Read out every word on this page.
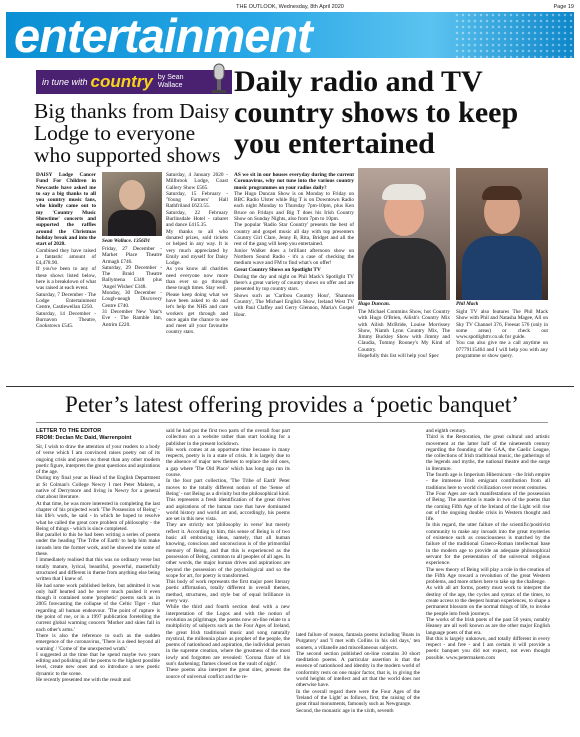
THE OUTLOOK, Wednesday, 8th April 2020	Page 19
entertainment
in tune with country by Sean
Wallace
Big thanks from Daisy Lodge to everyone who supported shows
Daily radio and TV country shows to keep you entertained

DAISY Lodge Cancer Fund For Children in Newcastle have asked me to say a big thanks to all you country music fans, who kindly came out to my 'Country Music Showtime' concerts and supported the raffles around the Christmas holiday break and into the start of 2020.

Combined they have raised a fantastic amount of £4,478.90.

If you've been to any of these shows listed below, here is a breakdown of what was raised at each event.

Saturday, 7 December - The Lodge Entertainment Centre, Castlewellan £250.

Saturday, 14 December - Burnavon Theatre, Cookstown £545.

Sean Wallace. 1356D1

Friday, 27 December - Market Place Theatre Armagh £746.

Saturday, 29 December - The Braid Theatre Ballymena £348 plus 'Angel Wishes' £348.

Monday, 30 December - Lough-neagh Discovery Centre £740.

31 December New Year's Eve - The Ramble Inn, Antrim £220.

Saturday, 4 January 2020 - Millbrook Lodge, Coast Gallery Show £565.

Saturday, 15 February - 'Young Farmers' Hall Rathfriland £623.55.

Saturday, 22 February Burlinsdale Hotel - cabaret and dance £415.35.

My thanks to all who donated prizes, sold tickets or helped in any way. It is very much appreciated by Emily and myself for Daisy Lodge.

As you know all charities need everyone now more than ever so go through these tough times. Stay well.

Please keep doing what we have been asked to do and let's help the NHS and care workers get through and once again the chance to see and meet all your favourite country stars.

AS we sit in our houses everyday during the current Coronavirus, why not tune into the various country music programmes on your radios daily?

The Hugo Duncan Show is on Monday to Friday on BBC Radio Ulster while Big T is on Downtown Radio each night Monday to Thursday 7pm-10pm, plus Ken Bruce on Fridays and Big T does his Irish Country Show on Sunday Nights, also from 7pm to 10pm.

The popular 'Radio Star Country' presents the best of country and gospel music all day with top presenters Country Girl Clare, Jenny B, Rita, Bridget and all the rest of the gang will keep you entertained.

Junior Walker does a brilliant afternoon show on Northern Sound Radio - it's a case of checking the medium wave and FM to find what's on offer!

Great Country Shows on Spotlight TV

During the day and night on Phil Mack's Spotlight TV there's a great variety of country shows on offer and are presented by top country stars.

Shows such as 'Caribou Country Hour', 'Shannon Country', The Michael English Show, Ireland West TV with Paul Claffey and Gerry Glennon, Maria's Gospel Hour.

Hugo Duncan.	Phil Mack

The Michael Commins Show, hot Country with Hugo O'Brien, Ailish's Country Mix with Ailish McBride, Louise Morrissey Show, Niamh Lynn Country Mix, The Jimmy Buckley Show with Jimmy and Claudia, Tommy Rooney's My Kind of Country.

Hopefully this list will help you! Spec

Sight TV also features The Phil Mack Show with Phil and Natasha Magee, All on Sky TV Channel 376, Freesat 576 (only in some areas) or check out www.spotlighttv.co.uk for guide.

You can also give me a call anytime on 07779115464 and I will help you with any programme or show query.

Peter’s latest offering provides a ‘poetic banquet’
LETTER TO THE EDITOR
FROM: Declan Mc Daid, Warrenpoint

Sir, I wish to draw the attention of your readers to a body of verse which I am convinced raises poetry out of its ongoing crisis and poses no threat than any other modern poetic figure, interprets the great questions and aspirations of the age.

During my final year as Head of the English Department at St Colman's College Newry I met Peter Makem, a native of Derrymore and living in Newry for a general chat about literature.

At that time, he was more interested in completing the last chapter of his projected work 'The Possession of Being' - his life's work, he said - in which he hoped to resolve what he called the great core problem of philosophy - the Being of things - which is since completed.

But parallel to this he had been writing a series of poems under the heading 'The Tribe of Earth' to help him make inroads into the former work, and he showed me some of these.

I immediately realised that this was no ordinary verse but totally mature, lyrical, beautiful, powerful, masterfully structured and different in theme from anything else being written that I knew of.

He had some work published before, but admitted it was only half hearted and he never much pushed it even though it contained some 'prophetic' poems such as in 2005 forecasting the collapse of the Celtic Tiger - that regarding all human endeavour. 'The point of rupture is the point of roe, or in a 1997 publication foretelling the current global warming concern 'Mother and skies fall in each other's arms.'

There is also the reference to such as the sudden emergence of the coronavirus, 'There is a deed beyond all warning' / 'Come ol' the unexpected wrath.'

I suggested at the time that he spend maybe two years editing and polishing all the poems to the highest possible level, create new ones and so introduce a new poetic dynamic to the scene.

He recently presented me with the result and

said he had put the first two parts of the overall four part collection on a website rather than start looking for a publisher in the present lockdown.

His work comes at an opportune time because in many respects, poetry is in a state of crisis. It is largely due to the absence of major new themes to replace the old ones, a gap where 'The Old Place' which has long ago run its course.

In the four part collection, 'The Tribe of Earth' Peter moves to the totally different notion of the 'Sense of Being' - not Being as a divinity but the philosophical kind.

This represents a fresh identification of the great drives and aspirations of the human race that have dominated world history and world art and, accordingly, his poems are set in this new vista.

They are strictly not 'philosophy in verse' but merely reflect it. According to him, this sense of Being is of two basic all embracing ideas, namely, that all human knowing, conscious and unconscious is of the primordial memory of Being, and that this is experienced as the possession of Being, common to all peoples of all ages. In other words, the major human drives and aspirations are beyond the possession of the psychological and so the scope for art, for poetry is transformed.

This body of work represents the first major poet literary poetic affirmation, totally different in overall themes, method, structures, and style but of equal brilliance in every way.

While the third and fourth section deal with a new interpretation of the Logos and with the notion of evolution as pilgrimage, the poems now on-line relate to a multiplicity of subjects such as the Four Ages of Ireland, the great Irish traditional music and song naturally mystical, the millennia place as prophet of the people, the poems of nationhood and aspiration, the individual person in the supreme creation, where the greatness of the most lowly and forgotten are revealed: 'Corona flare of his sun's darkening; flames closed on the vault of night'.

These poems also interpret the great sites, present the source of universal conflict and the re-

lated failure of reason, fantasia poems including 'Boats in Purgatory' and 'I met with Collins in his old days,' ten sonnets, a villanelle and miscellaneous subjects.

The second section published on-line contains 30 short meditation poems. A particular assertion is that the essence of nationhood and identity in the modern world of conformity rests on one major factor, that is, in giving the world heights of intellect and art that the world does not otherwise have.

In the overall regard there were the Four Ages of the 'Ireland of the Light' as follows, first, the raising of the great ritual monuments, famously such as Newgrange.

Second, the monastic age in the sixth, seventh

and eighth century.

Third is the Restoration, the great cultural and artistic movement at the latter half of the nineteenth century regarding the founding of the GAA, the Gaelic League, the collections of Irish traditional music, the gatherings of the legends and myths, the national theatre and the surge in literature.

The fourth age is Imperium Hibernicum - the Irish empire - the immense Irish emigrant contribution from all traditions here to world civilization over recent centuries.

The Four Ages are such manifestations of the possession of Being. The assertion is made in two of the poems that the coming Fifth Age of the Ireland of the Light will rise out of the ongoing double crisis in Western thought and life.

In this regard, the utter failure of the scientific/positivist community to make any inroads into the great mysteries of existence such as consciousness is matched by the failure of the traditional Graeco-Roman intellectual base in the modern age to provide an adequate philosophical servant for the presentation of the universal religious experience.

The new theory of Being will play a role in the creation of the Fifth Age toward a revolution of the great Western problems, and more others here to take up the challenge.

As with all art forms, poetry must work to interpret the destiny of the age, the cycles and syntax of the times, to create access to the deepest human experiences, to shape a permanent blossom on the normal things of life, to invoke the people into fresh journeys.

The works of the Irish poets of the past 50 years, notably Heaney are all well known as are the other major English language poets of that era.

But this is largely unknown, and totally different in every respect - and free - and I am certain it will provide a poetic banquet you did not expect, not even thought possible. www.petermakem.com
